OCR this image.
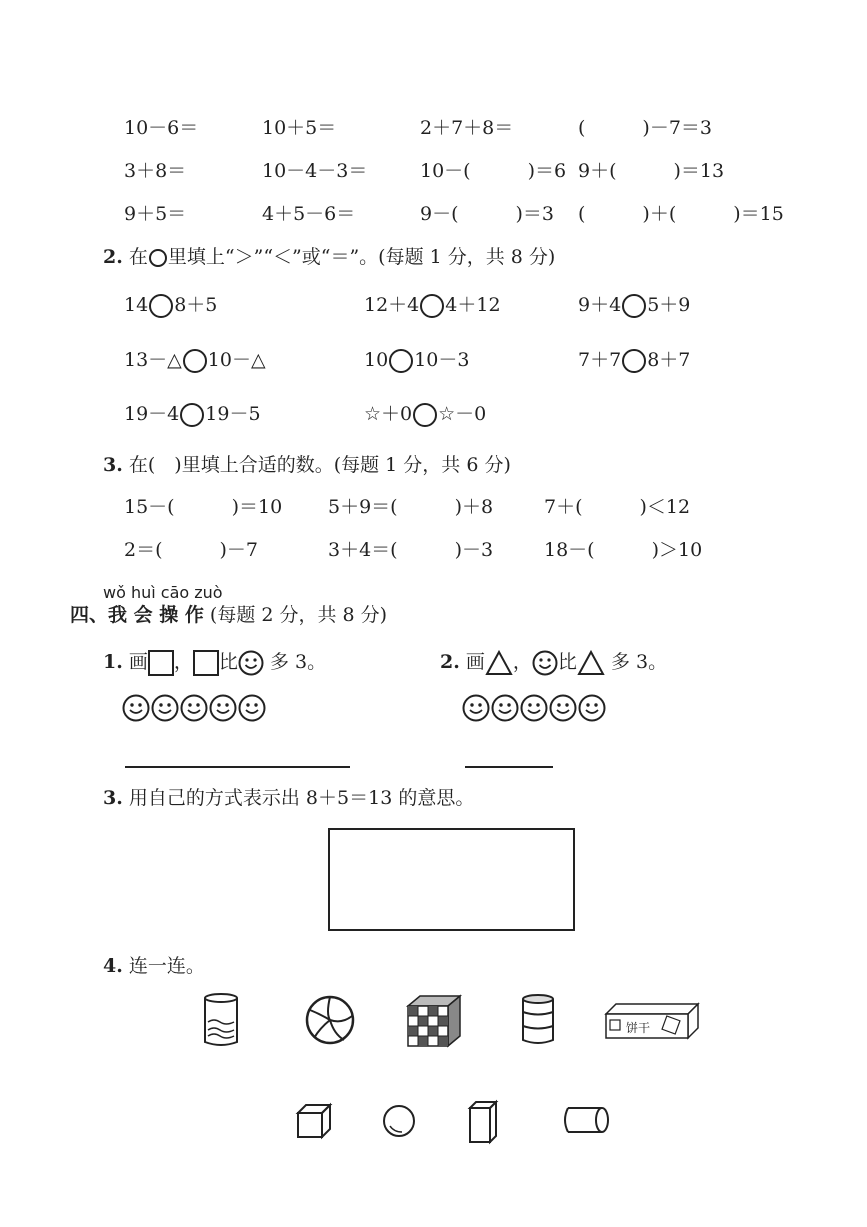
10－6＝	10＋5＝	2＋7＋8＝	(　　　)－7＝3
3＋8＝	10－4－3＝	10－(　　　)＝6 9＋(　　　)＝13
9＋5＝	4＋5－6＝	9－(　　　)＝3 (　　　)＋(　　　)＝15
2. 在 里填上“＞”“＜”或“＝”。(每题 1 分，共 8 分)
14 8＋5	12＋4 4＋12	9＋4 5＋9
13－△ 10－△	10 10－3	7＋7 8＋7
19－4 19－5	☆＋0 ☆－0
3. 在(　)里填上合适的数。(每题 1 分，共 6 分)
15－(　　　)＝10 5＋9＝(　　　)＋8	7＋(　　　)＜12
2＝(　　　)－7	3＋4＝(　　　)－3	18－(　　　)＞10
wǒ huì cāo zuò
四、我 会 操 作 (每题 2 分，共 8 分)
1. 画 ， 比 多 3。	2. 画 ， 比 多 3。
3. 用自己的方式表示出 8＋5＝13 的意思。
4. 连一连。
饼干
